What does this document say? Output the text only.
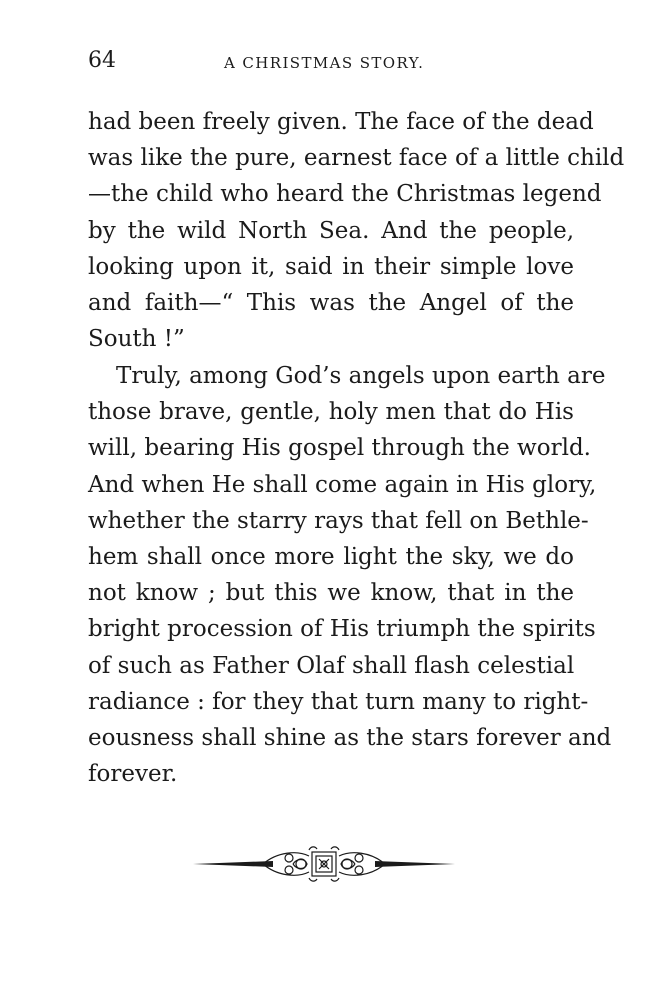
64	A CHRISTMAS STORY.
had been freely given. The face of the dead
was like the pure, earnest face of a little child
—the child who heard the Christmas legend
by the wild North Sea. And the people,
looking upon it, said in their simple love
and faith—“ This was the Angel of the
South !”
Truly, among God’s angels upon earth are
those brave, gentle, holy men that do His
will, bearing His gospel through the world.
And when He shall come again in His glory,
whether the starry rays that fell on Bethle-
hem shall once more light the sky, we do
not know ; but this we know, that in the
bright procession of His triumph the spirits
of such as Father Olaf shall flash celestial
radiance : for they that turn many to right-
eousness shall shine as the stars forever and
forever.
